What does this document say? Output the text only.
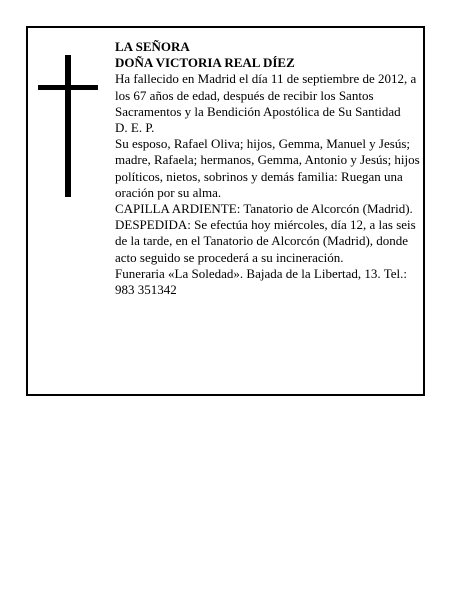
LA SEÑORA
DOÑA VICTORIA REAL DÍEZ
Ha fallecido en Madrid el día 11 de septiembre de 2012, a los 67 años de edad, después de recibir los Santos Sacramentos y la Bendición Apostólica de Su Santidad
D. E. P.
Su esposo, Rafael Oliva; hijos, Gemma, Manuel y Jesús; madre, Rafaela; hermanos, Gemma, Antonio y Jesús; hijos políticos, nietos, sobrinos y demás familia: Ruegan una oración por su alma.
CAPILLA ARDIENTE: Tanatorio de Alcorcón (Madrid).
DESPEDIDA: Se efectúa hoy miércoles, día 12, a las seis de la tarde, en el Tanatorio de Alcorcón (Madrid), donde acto seguido se procederá a su incineración.
Funeraria «La Soledad». Bajada de la Libertad, 13. Tel.: 983 351342
